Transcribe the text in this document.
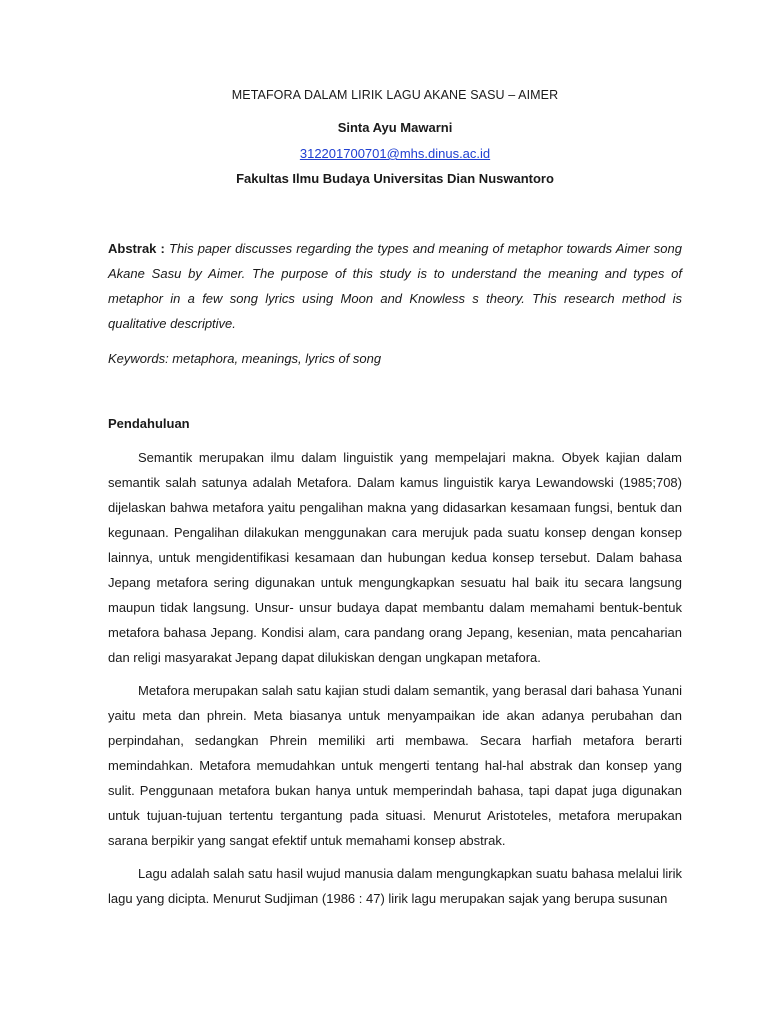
METAFORA DALAM LIRIK LAGU AKANE SASU – AIMER
Sinta Ayu Mawarni
312201700701@mhs.dinus.ac.id
Fakultas Ilmu Budaya Universitas Dian Nuswantoro

Abstrak : This paper discusses regarding the types and meaning of metaphor towards Aimer song Akane Sasu by Aimer. The purpose of this study is to understand the meaning and types of metaphor in a few song lyrics using Moon and Knowless s theory. This research method is qualitative descriptive.

Keywords: metaphora, meanings, lyrics of song

Pendahuluan

Semantik merupakan ilmu dalam linguistik yang mempelajari makna. Obyek kajian dalam semantik salah satunya adalah Metafora. Dalam kamus linguistik karya Lewandowski (1985;708) dijelaskan bahwa metafora yaitu pengalihan makna yang didasarkan kesamaan fungsi, bentuk dan kegunaan. Pengalihan dilakukan menggunakan cara merujuk pada suatu konsep dengan konsep lainnya, untuk mengidentifikasi kesamaan dan hubungan kedua konsep tersebut. Dalam bahasa Jepang metafora sering digunakan untuk mengungkapkan sesuatu hal baik itu secara langsung maupun tidak langsung. Unsur- unsur budaya dapat membantu dalam memahami bentuk-bentuk metafora bahasa Jepang. Kondisi alam, cara pandang orang Jepang, kesenian, mata pencaharian dan religi masyarakat Jepang dapat dilukiskan dengan ungkapan metafora.

Metafora merupakan salah satu kajian studi dalam semantik, yang berasal dari bahasa Yunani yaitu meta dan phrein. Meta biasanya untuk menyampaikan ide akan adanya perubahan dan perpindahan, sedangkan Phrein memiliki arti membawa. Secara harfiah metafora berarti memindahkan. Metafora memudahkan untuk mengerti tentang hal-hal abstrak dan konsep yang sulit. Penggunaan metafora bukan hanya untuk memperindah bahasa, tapi dapat juga digunakan untuk tujuan-tujuan tertentu tergantung pada situasi. Menurut Aristoteles, metafora merupakan sarana berpikir yang sangat efektif untuk memahami konsep abstrak.

Lagu adalah salah satu hasil wujud manusia dalam mengungkapkan suatu bahasa melalui lirik lagu yang dicipta. Menurut Sudjiman (1986 : 47) lirik lagu merupakan sajak yang berupa susunan
